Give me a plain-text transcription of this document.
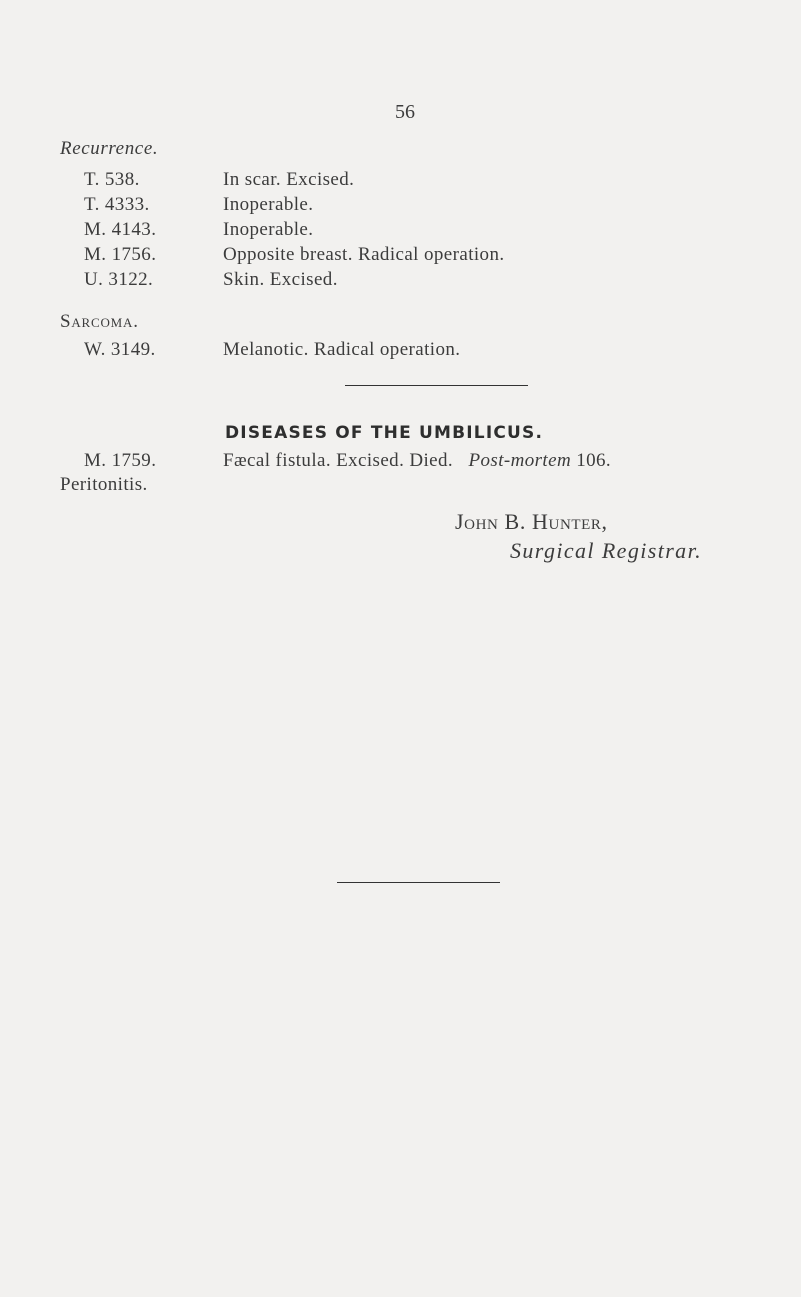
56
Recurrence.
T. 538.	In scar. Excised.
T. 4333.	Inoperable.
M. 4143.	Inoperable.
M. 1756.	Opposite breast. Radical operation.
U. 3122.	Skin. Excised.
Sarcoma.
W. 3149.	Melanotic. Radical operation.
DISEASES OF THE UMBILICUS.
M. 1759.	Fæcal fistula. Excised. Died. Post-mortem 106.
Peritonitis.
John B. Hunter,
Surgical Registrar.
